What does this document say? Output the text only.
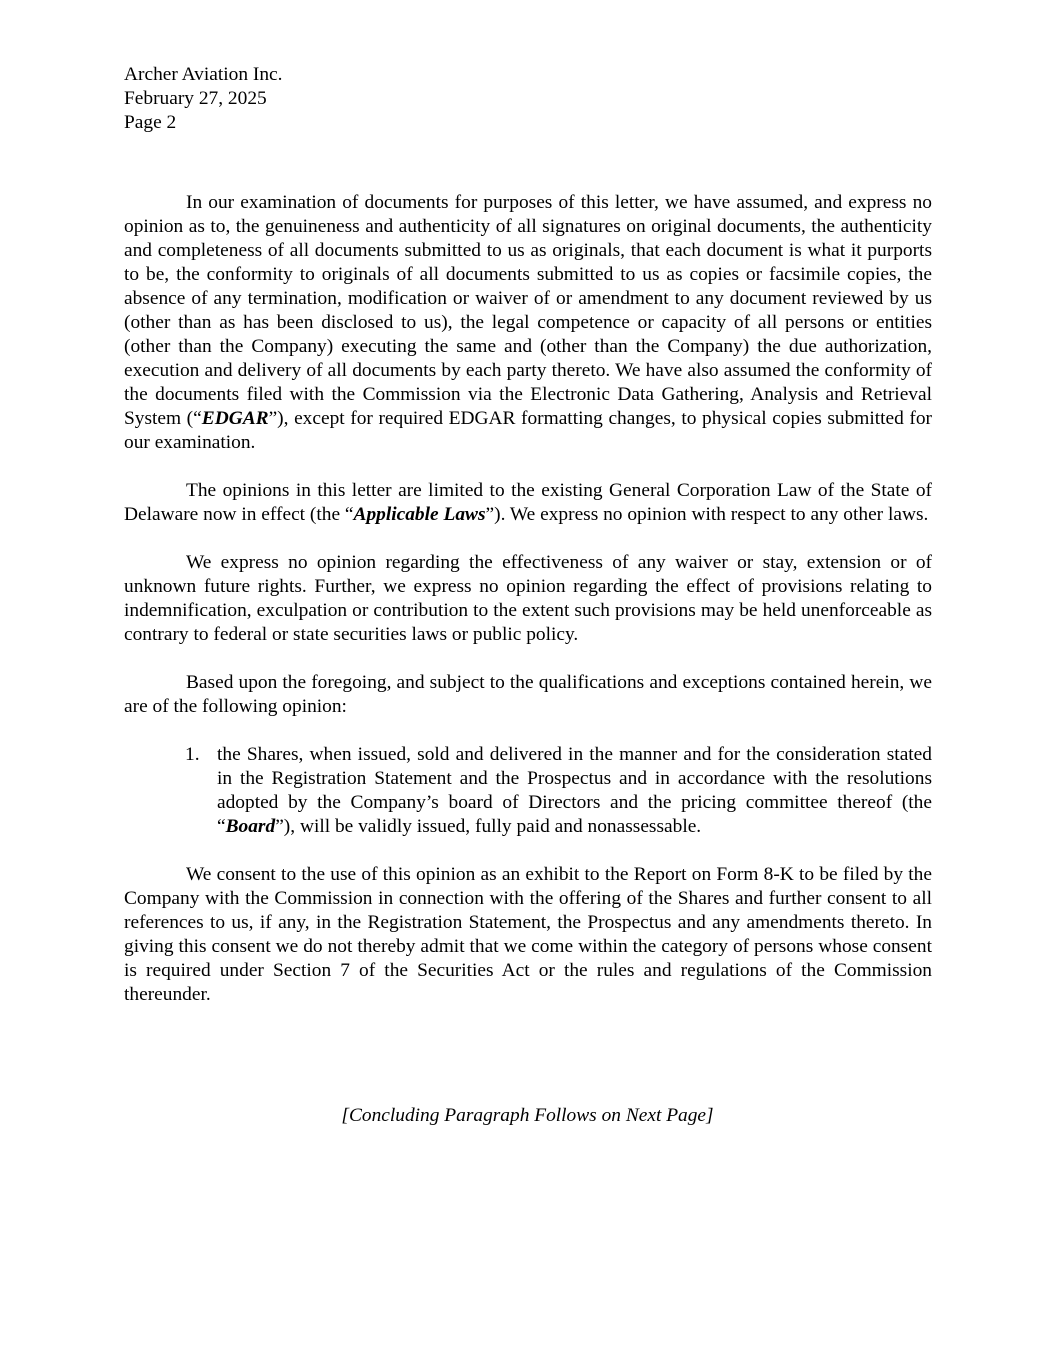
Archer Aviation Inc.
February 27, 2025
Page 2

In our examination of documents for purposes of this letter, we have assumed, and express no opinion as to, the genuineness and authenticity of all signatures on original documents, the authenticity and completeness of all documents submitted to us as originals, that each document is what it purports to be, the conformity to originals of all documents submitted to us as copies or facsimile copies, the absence of any termination, modification or waiver of or amendment to any document reviewed by us (other than as has been disclosed to us), the legal competence or capacity of all persons or entities (other than the Company) executing the same and (other than the Company) the due authorization, execution and delivery of all documents by each party thereto. We have also assumed the conformity of the documents filed with the Commission via the Electronic Data Gathering, Analysis and Retrieval System (“EDGAR”), except for required EDGAR formatting changes, to physical copies submitted for our examination.

The opinions in this letter are limited to the existing General Corporation Law of the State of Delaware now in effect (the “Applicable Laws”). We express no opinion with respect to any other laws.

We express no opinion regarding the effectiveness of any waiver or stay, extension or of unknown future rights. Further, we express no opinion regarding the effect of provisions relating to indemnification, exculpation or contribution to the extent such provisions may be held unenforceable as contrary to federal or state securities laws or public policy.

Based upon the foregoing, and subject to the qualifications and exceptions contained herein, we are of the following opinion:

1. the Shares, when issued, sold and delivered in the manner and for the consideration stated in the Registration Statement and the Prospectus and in accordance with the resolutions adopted by the Company’s board of Directors and the pricing committee thereof (the “Board”), will be validly issued, fully paid and nonassessable.

We consent to the use of this opinion as an exhibit to the Report on Form 8-K to be filed by the Company with the Commission in connection with the offering of the Shares and further consent to all references to us, if any, in the Registration Statement, the Prospectus and any amendments thereto. In giving this consent we do not thereby admit that we come within the category of persons whose consent is required under Section 7 of the Securities Act or the rules and regulations of the Commission thereunder.

[Concluding Paragraph Follows on Next Page]
